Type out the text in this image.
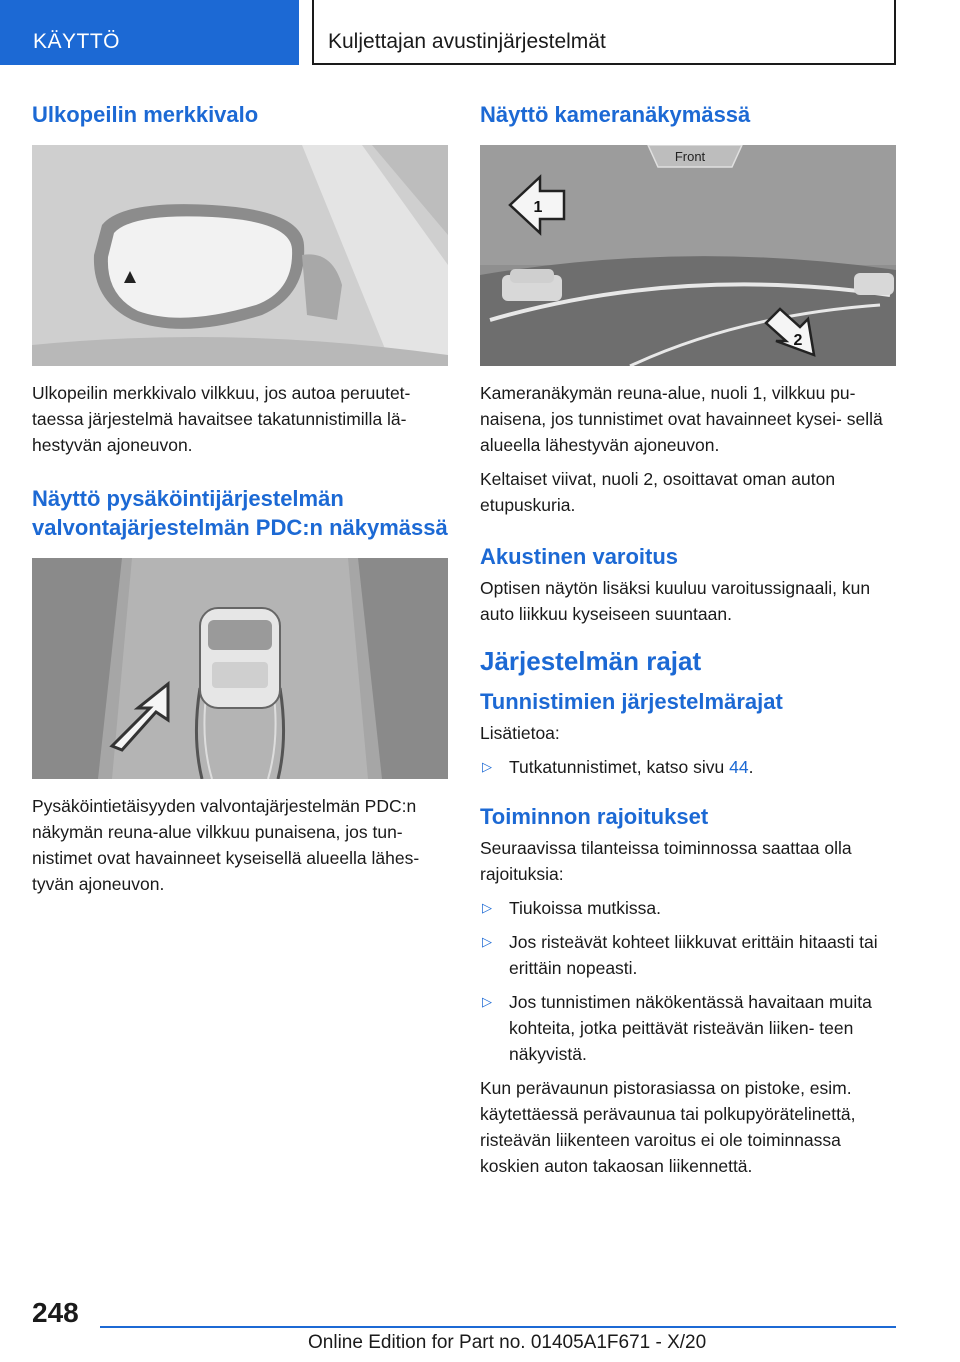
KÄYTTÖ	Kuljettajan avustinjärjestelmät
Ulkopeilin merkkivalo

Ulkopeilin merkkivalo vilkkuu, jos autoa peruutet- taessa järjestelmä havaitsee takatunnistimilla lä- hestyvän ajoneuvon.

Näyttö pysäköintijärjestelmän valvontajärjestelmän PDC:n näkymässä

Pysäköintietäisyyden valvontajärjestelmän PDC:n näkymän reuna-alue vilkkuu punaisena, jos tun- nistimet ovat havainneet kyseisellä alueella lähes- tyvän ajoneuvon.

Näyttö kameranäkymässä
Front
1
2

Kameranäkymän reuna-alue, nuoli 1, vilkkuu pu- naisena, jos tunnistimet ovat havainneet kysei- sellä alueella lähestyvän ajoneuvon.

Keltaiset viivat, nuoli 2, osoittavat oman auton etupuskuria.

Akustinen varoitus

Optisen näytön lisäksi kuuluu varoitussignaali, kun auto liikkuu kyseiseen suuntaan.

Järjestelmän rajat
Tunnistimien järjestelmärajat

Lisätietoa:

▷ Tutkatunnistimet, katso sivu 44.
Toiminnon rajoitukset

Seuraavissa tilanteissa toiminnossa saattaa olla rajoituksia:

▷ Tiukoissa mutkissa.
▷ Jos risteävät kohteet liikkuvat erittäin hitaasti tai erittäin nopeasti.
▷ Jos tunnistimen näkökentässä havaitaan muita kohteita, jotka peittävät risteävän liiken- teen näkyvistä.

Kun perävaunun pistorasiassa on pistoke, esim. käytettäessä perävaunua tai polkupyörätelinettä, risteävän liikenteen varoitus ei ole toiminnassa koskien auton takaosan liikennettä.

248
Online Edition for Part no. 01405A1F671 - X/20
